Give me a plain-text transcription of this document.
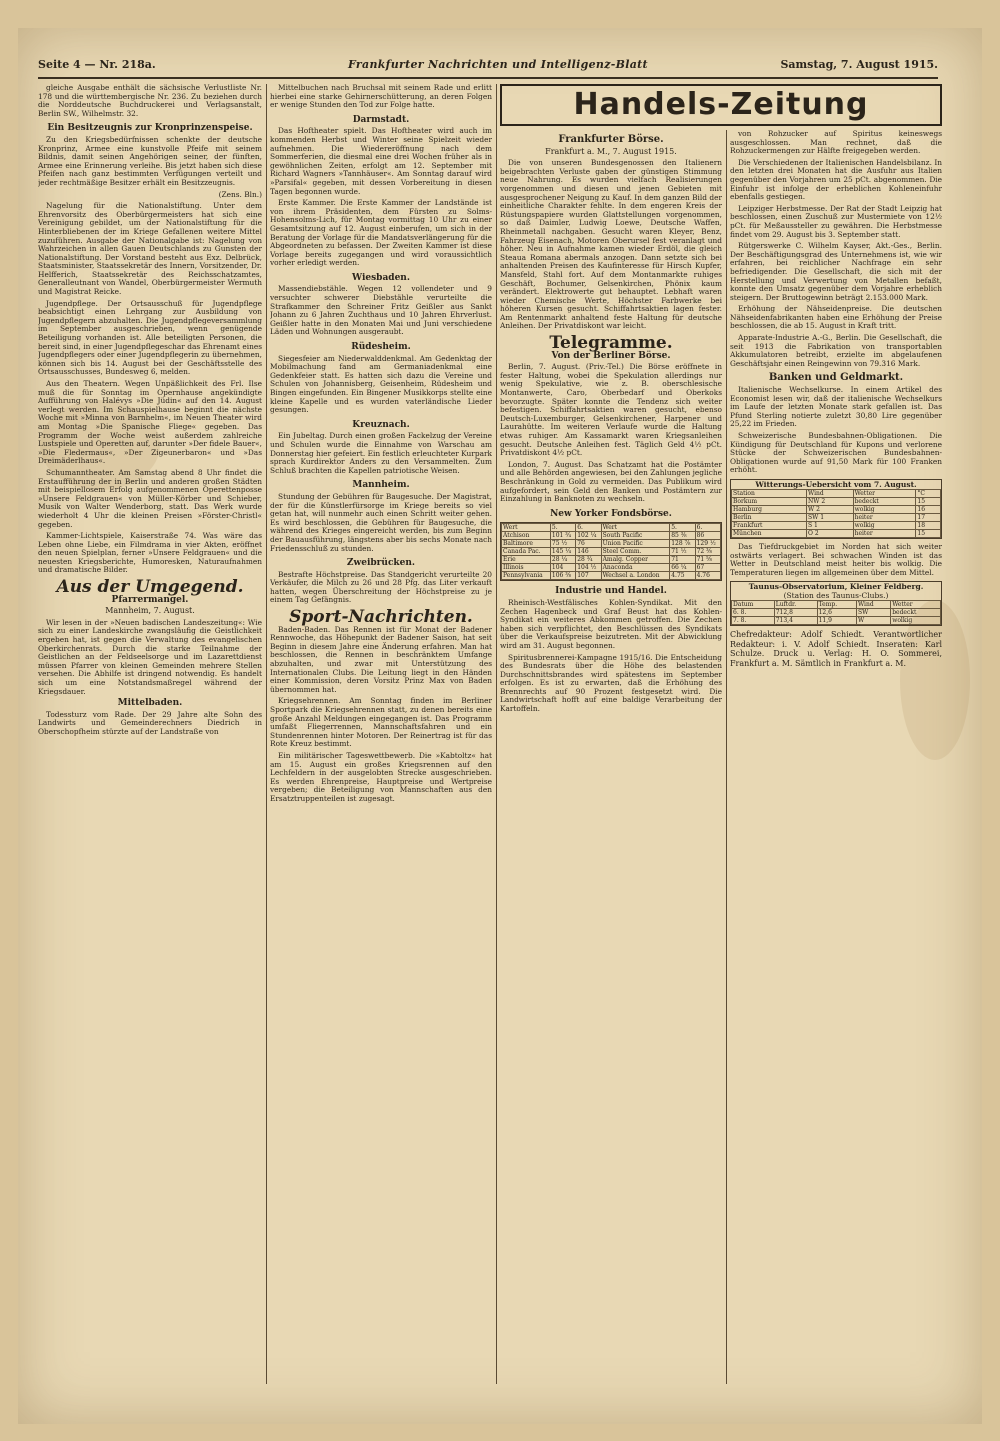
Seite 4 — Nr. 218a.	Frankfurter Nachrichten und Intelligenz-Blatt	Samstag, 7. August 1915.

gleiche Ausgabe enthält die sächsische Verlustliste Nr. 178 und die württembergische Nr. 236. Zu beziehen durch die Norddeutsche Buchdruckerei und Verlagsanstalt, Berlin SW., Wilhelmstr. 32.

Ein Besitzeugnis zur Kronprinzenspeise.

Zu den Kriegsbedürfnissen schenkte der deutsche Kronprinz, Armee eine kunstvolle Pfeife mit seinem Bildnis, damit seinen Angehörigen seiner, der fünften, Armee eine Erinnerung verleihe. Bis jetzt haben sich diese Pfeifen nach ganz bestimmten Verfügungen verteilt und jeder rechtmäßige Besitzer erhält ein Besitzzeugnis.

(Zens. Bln.)

Nagelung für die Nationalstiftung. Unter dem Ehrenvorsitz des Oberbürgermeisters hat sich eine Vereinigung gebildet, um der Nationalstiftung für die Hinterbliebenen der im Kriege Gefallenen weitere Mittel zuzuführen. Ausgabe der Nationalgabe ist: Nagelung von Wahrzeichen in allen Gauen Deutschlands zu Gunsten der Nationalstiftung. Der Vorstand besteht aus Exz. Delbrück, Staatsminister, Staatssekretär des Innern, Vorsitzender, Dr. Helfferich, Staatssekretär des Reichsschatzamtes, Generalleutnant von Wandel, Oberbürgermeister Wermuth und Magistrat Reicke.

Jugendpflege. Der Ortsausschuß für Jugendpflege beabsichtigt einen Lehrgang zur Ausbildung von Jugendpflegern abzuhalten. Die Jugendpflegeversammlung im September ausgeschrieben, wenn genügende Beteiligung vorhanden ist. Alle beteiligten Personen, die bereit sind, in einer Jugendpflegeschar das Ehrenamt eines Jugendpflegers oder einer Jugendpflegerin zu übernehmen, können sich bis 14. August bei der Geschäftsstelle des Ortsausschusses, Bundesweg 6, melden.

Aus den Theatern. Wegen Unpäßlichkeit des Frl. Ilse muß die für Sonntag im Opernhause angekündigte Aufführung von Halévys »Die Jüdin« auf den 14. August verlegt werden. Im Schauspielhause beginnt die nächste Woche mit »Minna von Barnhelm«, im Neuen Theater wird am Montag »Die Spanische Fliege« gegeben. Das Programm der Woche weist außerdem zahlreiche Lustspiele und Operetten auf, darunter »Der fidele Bauer«, »Die Fledermaus«, »Der Zigeunerbaron« und »Das Dreimäderlhaus«.

Schumanntheater. Am Samstag abend 8 Uhr findet die Erstaufführung der in Berlin und anderen großen Städten mit beispiellosem Erfolg aufgenommenen Operettenposse »Unsere Feldgrauen« von Müller-Körber und Schieber, Musik von Walter Wenderborg, statt. Das Werk wurde wiederholt 4 Uhr die kleinen Preisen »Förster-Christl« gegeben.

Kammer-Lichtspiele, Kaiserstraße 74. Was wäre das Leben ohne Liebe, ein Filmdrama in vier Akten, eröffnet den neuen Spielplan, ferner »Unsere Feldgrauen« und die neuesten Kriegsberichte, Humoresken, Naturaufnahmen und dramatische Bilder.

Aus der Umgegend.
Pfarrermangel.
Mannheim, 7. August.

Wir lesen in der »Neuen badischen Landeszeitung«: Wie sich zu einer Landeskirche zwangsläufig die Geistlichkeit ergeben hat, ist gegen die Verwaltung des evangelischen Oberkirchenrats. Durch die starke Teilnahme der Geistlichen an der Feldseelsorge und im Lazarettdienst müssen Pfarrer von kleinen Gemeinden mehrere Stellen versehen. Die Abhilfe ist dringend notwendig. Es handelt sich um eine Notstandsmaßregel während der Kriegsdauer.

Mittelbaden.

Todessturz vom Rade. Der 29 Jahre alte Sohn des Landwirts und Gemeinderechners Diedrich in Oberschopfheim stürzte auf der Landstraße von

Mittelbuchen nach Bruchsal mit seinem Rade und erlitt hierbei eine starke Gehirnerschütterung, an deren Folgen er wenige Stunden den Tod zur Folge hatte.

Darmstadt.

Das Hoftheater spielt. Das Hoftheater wird auch im kommenden Herbst und Winter seine Spielzeit wieder aufnehmen. Die Wiedereröffnung nach dem Sommerferien, die diesmal eine drei Wochen früher als in gewöhnlichen Zeiten, erfolgt am 12. September mit Richard Wagners »Tannhäuser«. Am Sonntag darauf wird »Parsifal« gegeben, mit dessen Vorbereitung in diesen Tagen begonnen wurde.

Erste Kammer. Die Erste Kammer der Landstände ist von ihrem Präsidenten, dem Fürsten zu Solms-Hohensolms-Lich, für Montag vormittag 10 Uhr zu einer Gesamtsitzung auf 12. August einberufen, um sich in der Beratung der Vorlage für die Mandatsverlängerung für die Abgeordneten zu befassen. Der Zweiten Kammer ist diese Vorlage bereits zugegangen und wird voraussichtlich vorher erledigt werden.

Wiesbaden.

Massendiebstähle. Wegen 12 vollendeter und 9 versuchter schwerer Diebstähle verurteilte die Strafkammer den Schreiner Fritz Geißler aus Sankt Johann zu 6 Jahren Zuchthaus und 10 Jahren Ehrverlust. Geißler hatte in den Monaten Mai und Juni verschiedene Läden und Wohnungen ausgeraubt.

Rüdesheim.

Siegesfeier am Niederwalddenkmal. Am Gedenktag der Mobilmachung fand am Germaniadenkmal eine Gedenkfeier statt. Es hatten sich dazu die Vereine und Schulen von Johannisberg, Geisenheim, Rüdesheim und Bingen eingefunden. Ein Bingener Musikkorps stellte eine kleine Kapelle und es wurden vaterländische Lieder gesungen.

Kreuznach.

Ein Jubeltag. Durch einen großen Fackelzug der Vereine und Schulen wurde die Einnahme von Warschau am Donnerstag hier gefeiert. Ein festlich erleuchteter Kurpark sprach Kurdirektor Anders zu den Versammelten. Zum Schluß brachten die Kapellen patriotische Weisen.

Mannheim.

Stundung der Gebühren für Baugesuche. Der Magistrat, der für die Künstlerfürsorge im Kriege bereits so viel getan hat, will nunmehr auch einen Schritt weiter gehen. Es wird beschlossen, die Gebühren für Baugesuche, die während des Krieges eingereicht werden, bis zum Beginn der Bauausführung, längstens aber bis sechs Monate nach Friedensschluß zu stunden.

Zweibrücken.

Bestrafte Höchstpreise. Das Standgericht verurteilte 20 Verkäufer, die Milch zu 26 und 28 Pfg. das Liter verkauft hatten, wegen Überschreitung der Höchstpreise zu je einem Tag Gefängnis.

Sport-Nachrichten.

Baden-Baden. Das Rennen ist für Monat der Badener Rennwoche, das Höhepunkt der Badener Saison, hat seit Beginn in diesem Jahre eine Änderung erfahren. Man hat beschlossen, die Rennen in beschränktem Umfange abzuhalten, und zwar mit Unterstützung des Internationalen Clubs. Die Leitung liegt in den Händen einer Kommission, deren Vorsitz Prinz Max von Baden übernommen hat.

Kriegsehrennen. Am Sonntag finden im Berliner Sportpark die Kriegsehrennen statt, zu denen bereits eine große Anzahl Meldungen eingegangen ist. Das Programm umfaßt Fliegerrennen, Mannschaftsfahren und ein Stundenrennen hinter Motoren. Der Reinertrag ist für das Rote Kreuz bestimmt.

Ein militärischer Tageswettbewerb. Die »Kabtoltz« hat am 15. August ein großes Kriegsrennen auf den Lechfeldern in der ausgelobten Strecke ausgeschrieben. Es werden Ehrenpreise, Hauptpreise und Wertpreise vergeben; die Beteiligung von Mannschaften aus den Ersatztruppenteilen ist zugesagt.

Handels-Zeitung
Frankfurter Börse.
Frankfurt a. M., 7. August 1915.

Die von unseren Bundesgenossen den Italienern beigebrachten Verluste gaben der günstigen Stimmung neue Nahrung. Es wurden vielfach Realisierungen vorgenommen und diesen und jenen Gebieten mit ausgesprochener Neigung zu Kauf. In dem ganzen Bild der einheitliche Charakter fehlte. In dem engeren Kreis der Rüstungspapiere wurden Glattstellungen vorgenommen, so daß Daimler, Ludwig Loewe, Deutsche Waffen, Rheinmetall nachgaben. Gesucht waren Kleyer, Benz, Fahrzeug Eisenach, Motoren Oberursel fest veranlagt und höher. Neu in Aufnahme kamen wieder Erdöl, die gleich Steaua Romana abermals anzogen. Dann setzte sich bei anhaltenden Preisen des Kaufinteresse für Hirsch Kupfer, Mansfeld, Stahl fort. Auf dem Montanmarkte ruhiges Geschäft, Bochumer, Gelsenkirchen, Phönix kaum verändert. Elektrowerte gut behauptet. Lebhaft waren wieder Chemische Werte, Höchster Farbwerke bei höheren Kursen gesucht. Schiffahrtsaktien lagen fester. Am Rentenmarkt anhaltend feste Haltung für deutsche Anleihen. Der Privatdiskont war leicht.

Telegramme.
Von der Berliner Börse.

Berlin, 7. August. (Priv.-Tel.) Die Börse eröffnete in fester Haltung, wobei die Spekulation allerdings nur wenig Spekulative, wie z. B. oberschlesische Montanwerte, Caro, Oberbedarf und Oberkoks bevorzugte. Später konnte die Tendenz sich weiter befestigen. Schiffahrtsaktien waren gesucht, ebenso Deutsch-Luxemburger, Gelsenkirchener, Harpener und Laurahütte. Im weiteren Verlaufe wurde die Haltung etwas ruhiger. Am Kassamarkt waren Kriegsanleihen gesucht. Deutsche Anleihen fest. Täglich Geld 4½ pCt. Privatdiskont 4½ pCt.

London, 7. August. Das Schatzamt hat die Postämter und alle Behörden angewiesen, bei den Zahlungen jegliche Beschränkung in Gold zu vermeiden. Das Publikum wird aufgefordert, sein Geld den Banken und Postämtern zur Einzahlung in Banknoten zu wechseln.

New Yorker Fondsbörse.
Wert	5.	6.	Wert	5.	6.
Atchison	101 ¾	102 ¼	South Pacific	85 ⅜	86
Baltimore	75 ½	76	Union Pacific	128 ⅞	129 ½
Canada Pac.	145 ¼	146	Steel Comm.	71 ½	72 ⅜
Erie	28 ¼	28 ¾	Amalg. Copper	71	71 ⅝
Illinois	104	104 ½	Anaconda	66 ¼	67
Pennsylvania	106 ⅜	107	Wechsel a. London	4.75	4.76
Industrie und Handel.

Rheinisch-Westfälisches Kohlen-Syndikat. Mit den Zechen Hagenbeck und Graf Beust hat das Kohlen-Syndikat ein weiteres Abkommen getroffen. Die Zechen haben sich verpflichtet, den Beschlüssen des Syndikats über die Verkaufspreise beizutreten. Mit der Abwicklung wird am 31. August begonnen.

Spiritusbrennerei-Kampagne 1915/16. Die Entscheidung des Bundesrats über die Höhe des belastenden Durchschnittsbrandes wird spätestens im September erfolgen. Es ist zu erwarten, daß die Erhöhung des Brennrechts auf 90 Prozent festgesetzt wird. Die Landwirtschaft hofft auf eine baldige Verarbeitung der Kartoffeln.

von Rohzucker auf Spiritus keineswegs ausgeschlossen. Man rechnet, daß die Rohzuckermengen zur Hälfte freigegeben werden.

Die Verschiedenen der Italienischen Handelsbilanz. In den letzten drei Monaten hat die Ausfuhr aus Italien gegenüber den Vorjahren um 25 pCt. abgenommen. Die Einfuhr ist infolge der erheblichen Kohleneinfuhr ebenfalls gestiegen.

Leipziger Herbstmesse. Der Rat der Stadt Leipzig hat beschlossen, einen Zuschuß zur Mustermiete von 12½ pCt. für Meßaussteller zu gewähren. Die Herbstmesse findet vom 29. August bis 3. September statt.

Rütgerswerke C. Wilhelm Kayser, Akt.-Ges., Berlin. Der Beschäftigungsgrad des Unternehmens ist, wie wir erfahren, bei reichlicher Nachfrage ein sehr befriedigender. Die Gesellschaft, die sich mit der Herstellung und Verwertung von Metallen befaßt, konnte den Umsatz gegenüber dem Vorjahre erheblich steigern. Der Bruttogewinn beträgt 2.153.000 Mark.

Erhöhung der Nähseidenpreise. Die deutschen Nähseidenfabrikanten haben eine Erhöhung der Preise beschlossen, die ab 15. August in Kraft tritt.

Apparate-Industrie A.-G., Berlin. Die Gesellschaft, die seit 1913 die Fabrikation von transportablen Akkumulatoren betreibt, erzielte im abgelaufenen Geschäftsjahr einen Reingewinn von 79.316 Mark.

Banken und Geldmarkt.

Italienische Wechselkurse. In einem Artikel des Economist lesen wir, daß der italienische Wechselkurs im Laufe der letzten Monate stark gefallen ist. Das Pfund Sterling notierte zuletzt 30,80 Lire gegenüber 25,22 im Frieden.

Schweizerische Bundesbahnen-Obligationen. Die Kündigung für Deutschland für Kupons und verlorene Stücke der Schweizerischen Bundesbahnen-Obligationen wurde auf 91,50 Mark für 100 Franken erhöht.

Witterungs-Uebersicht vom 7. August.
Station	Wind	Wetter	°C
Borkum	NW 2	bedeckt	15
Hamburg	W 2	wolkig	16
Berlin	SW 1	heiter	17
Frankfurt	S 1	wolkig	18
München	O 2	heiter	15

Das Tiefdruckgebiet im Norden hat sich weiter ostwärts verlagert. Bei schwachen Winden ist das Wetter in Deutschland meist heiter bis wolkig. Die Temperaturen liegen im allgemeinen über dem Mittel.

Taunus-Observatorium, Kleiner Feldberg.
(Station des Taunus-Clubs.)
Datum	Luftdr.	Temp.	Wind	Wetter
6. 8.	712,8	12,6	SW	bedeckt
7. 8.	713,4	11,9	W	wolkig
Chefredakteur: Adolf Schiedt. Verantwortlicher Redakteur: i. V. Adolf Schiedt. Inseraten: Karl Schulze. Druck u. Verlag: H. O. Sommerei, Frankfurt a. M. Sämtlich in Frankfurt a. M.
